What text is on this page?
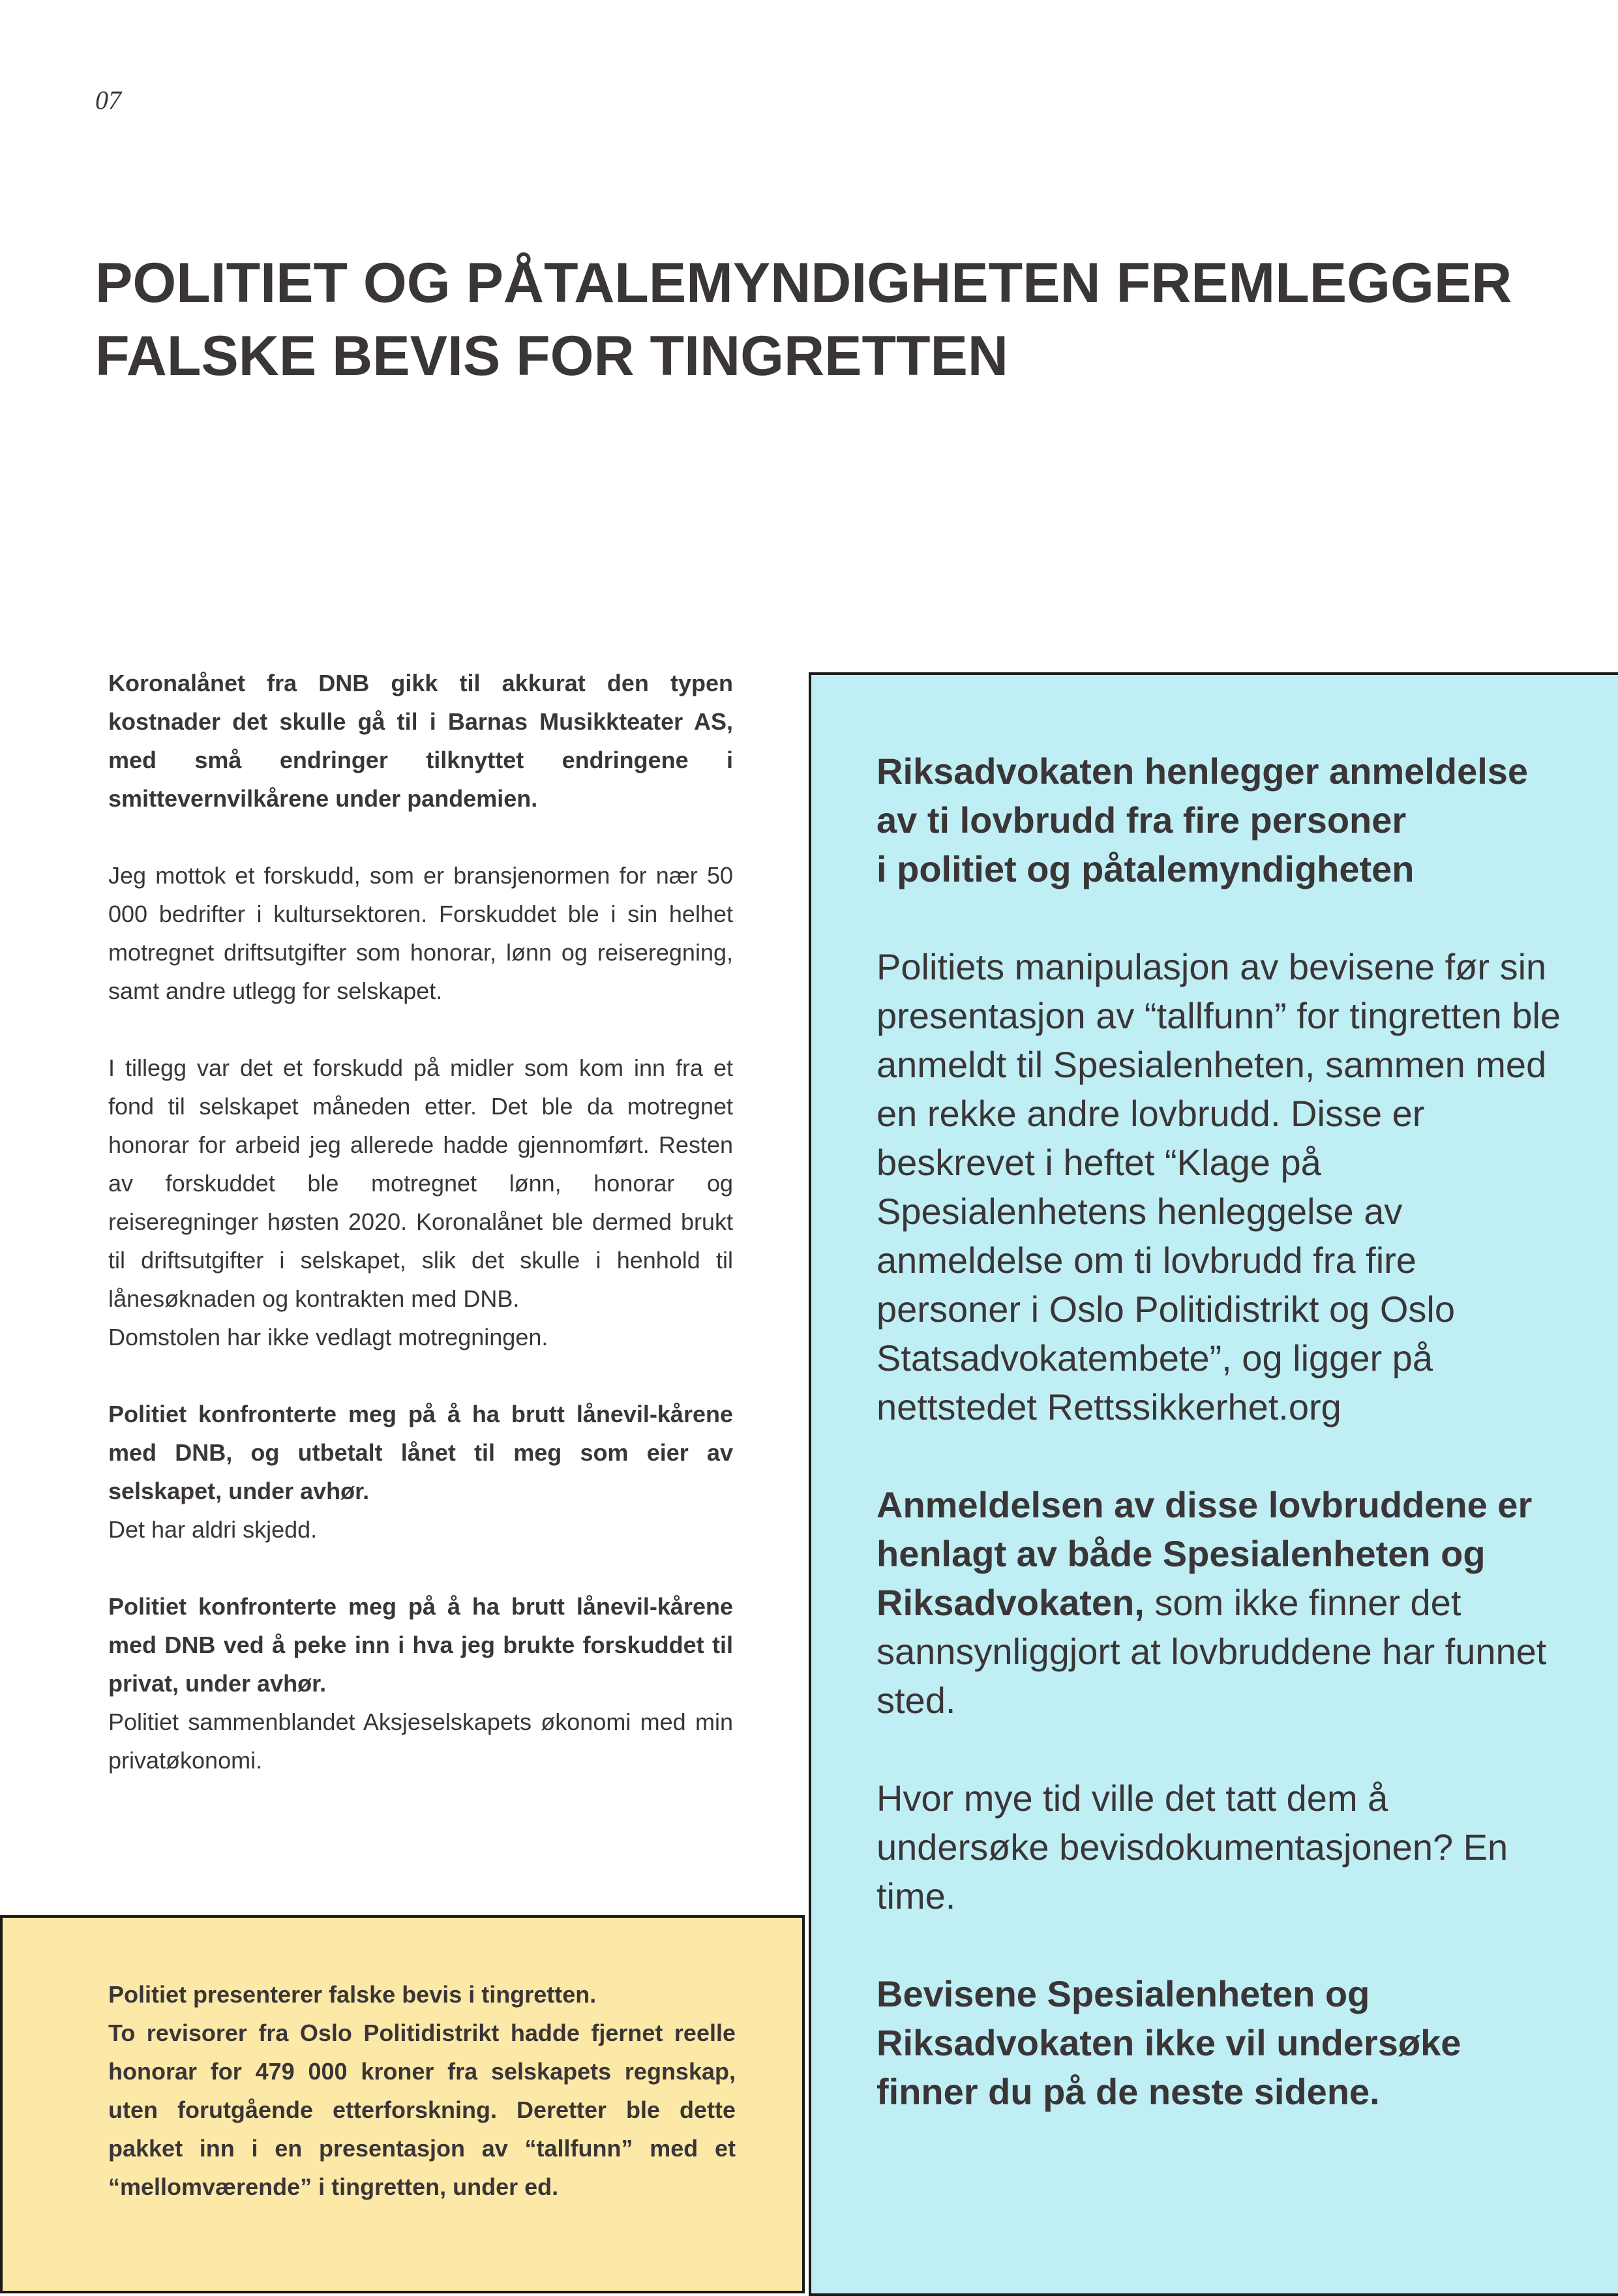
07
POLITIET OG PÅTALEMYNDIGHETEN FREMLEGGER
FALSKE BEVIS FOR TINGRETTEN

Koronalånet fra DNB gikk til akkurat den typen kostnader det skulle gå til i Barnas Musikkteater AS, med små endringer tilknyttet endringene i smittevernvilkårene under pandemien.

Jeg mottok et forskudd, som er bransjenormen for nær 50 000 bedrifter i kultursektoren. Forskuddet ble i sin helhet motregnet driftsutgifter som honorar, lønn og reiseregning, samt andre utlegg for selskapet.

I tillegg var det et forskudd på midler som kom inn fra et fond til selskapet måneden etter. Det ble da motregnet honorar for arbeid jeg allerede hadde gjennomført. Resten av forskuddet ble motregnet lønn, honorar og reiseregninger høsten 2020. Koronalånet ble dermed brukt til driftsutgifter i selskapet, slik det skulle i henhold til lånesøknaden og kontrakten med DNB.
Domstolen har ikke vedlagt motregningen.

Politiet konfronterte meg på å ha brutt lånevil-kårene med DNB, og utbetalt lånet til meg som eier av selskapet, under avhør.
Det har aldri skjedd.

Politiet konfronterte meg på å ha brutt lånevil-kårene med DNB ved å peke inn i hva jeg brukte forskuddet til privat, under avhør.
Politiet sammenblandet Aksjeselskapets økonomi med min privatøkonomi.

Politiet presenterer falske bevis i tingretten.
To revisorer fra Oslo Politidistrikt hadde fjernet reelle honorar for 479 000 kroner fra selskapets regnskap, uten forutgående etterforskning. Deretter ble dette pakket inn i en presentasjon av “tallfunn” med et “mellomværende” i tingretten, under ed.

Riksadvokaten henlegger anmeldelse
av ti lovbrudd fra fire personer
i politiet og påtalemyndigheten

Politiets manipulasjon av bevisene før sin presentasjon av “tallfunn” for tingretten ble anmeldt til Spesialenheten, sammen med en rekke andre lovbrudd. Disse er beskrevet i heftet “Klage på Spesialenhetens henleggelse av anmeldelse om ti lovbrudd fra fire personer i Oslo Politidistrikt og Oslo Statsadvokatembete”, og ligger på nettstedet Rettssikkerhet.org

Anmeldelsen av disse lovbruddene er henlagt av både Spesialenheten og Riksadvokaten, som ikke finner det sannsynliggjort at lovbruddene har funnet sted.

Hvor mye tid ville det tatt dem å undersøke bevisdokumentasjonen? En time.

Bevisene Spesialenheten og Riksadvokaten ikke vil undersøke finner du på de neste sidene.
